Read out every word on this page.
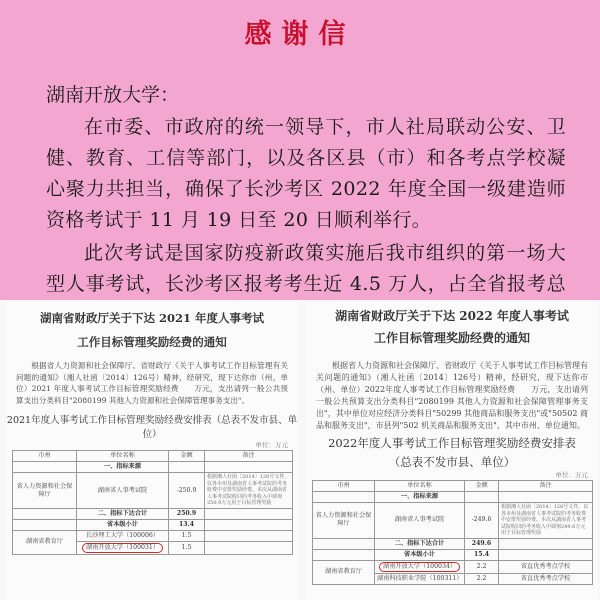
感谢信
湖南开放大学：

在市委、市政府的统一领导下，市人社局联动公安、卫健、教育、工信等部门，以及各区县（市）和各考点学校凝心聚力共担当，确保了长沙考区 2022 年度全国一级建造师资格考试于 11 月 19 日至 20 日顺利举行。

此次考试是国家防疫新政策实施后我市组织的第一场大型人事考试，长沙考区报考考生近 4.5 万人，占全省报考总

湖南省财政厅关于下达 2021 年度人事考试
工作目标管理奖励经费的通知

根据省人力资源和社会保障厅、省财政厅《关于人事考试工作目标管理有关问题的通知》（湘人社函〔2014〕126号）精神，经研究，现下达你市（州、单位）2021 年度人事考试工作目标管理奖励经费　　万元，支出请列一般公共预算支出分类科目"2080199 其他人力资源和社会保障管理事务支出"。

2021年度人事考试工作目标管理奖励经费安排表（总表不发市县、单位）
单位：万元
市州	单位名称	金额	备注
	一、指标来源		
省人力资源和社会保障厅	湖南省人事考试院	-250.9	根据湘人社函〔2014〕126号文件，以各市州及湖南省人事考试院的考务收费中安排奖励经费。本次从湖南省人事考试院收回的考务收入中调剂250.9万元用于目标管理奖励
	二、指标下达合计	250.9	
	省本级小计	13.4	
湖南省教育厅	长沙理工大学（100006）	1.5	
	湖南开放大学（100031）	1.5	
湖南省财政厅关于下达 2022 年度人事考试
工作目标管理奖励经费的通知

根据省人力资源和社会保障厅、省财政厅《关于人事考试工作目标管理有关问题的通知》（湘人社函〔2014〕126号）精神，经研究，现下达你市（州、单位）2022年度人事考试工作目标管理奖励经费　　万元，支出请列一般公共预算支出分类科目"2080199 其他人力资源和社会保障管理事务支出"，其中单位对应经济分类科目"50299 其他商品和服务支出"或"50502 商品和服务支出"，市县列"502 机关商品和服务支出"，其中市州、单位通知。

2022年度人事考试工作目标管理奖励经费安排表
（总表不发市县、单位）
单位：万元
市州	单位名称	金额	备注
	一、指标来源		
省人力资源和社会保障厅	湖南省人事考试院	-249.6	根据湘人社函〔2014〕126号文件，以各市州及湖南省人事考试院的考务收费中安排奖励经费。本次从湖南省人事考试院收回的考务收入中调剂249.6万元用于目标管理奖励
	二、指标下达合计	249.6	
	省本级小计	15.4	
湖南省教育厅	湖南开放大学（100034）	2.2	省直优秀考点学校
	湖南科技职业学院（100311）	2.2	省直优秀考点学校
